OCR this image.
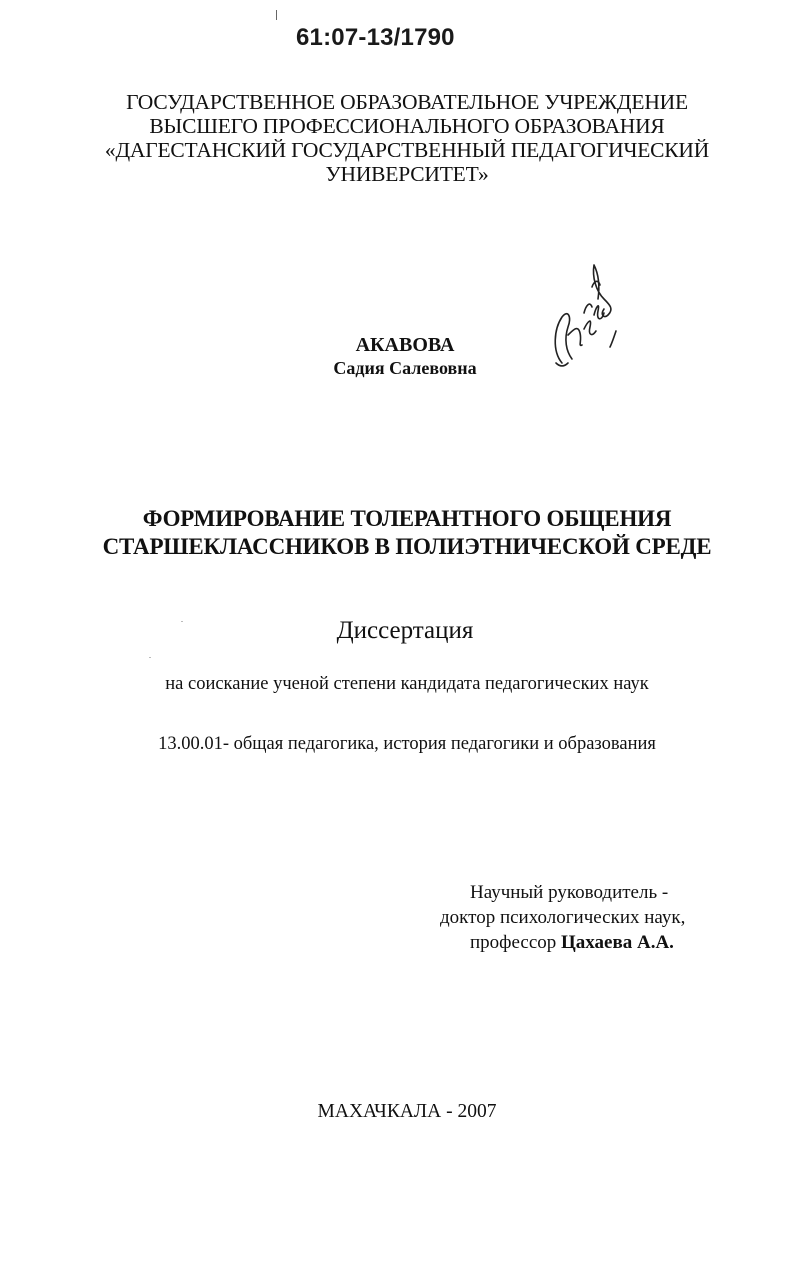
61:07-13/1790
ГОСУДАРСТВЕННОЕ ОБРАЗОВАТЕЛЬНОЕ УЧРЕЖДЕНИЕ
ВЫСШЕГО ПРОФЕССИОНАЛЬНОГО ОБРАЗОВАНИЯ
«ДАГЕСТАНСКИЙ ГОСУДАРСТВЕННЫЙ ПЕДАГОГИЧЕСКИЙ
УНИВЕРСИТЕТ»
АКАВОВА
Садия Салевовна
ФОРМИРОВАНИЕ ТОЛЕРАНТНОГО ОБЩЕНИЯ
СТАРШЕКЛАССНИКОВ В ПОЛИЭТНИЧЕСКОЙ СРЕДЕ
Диссертация
на соискание ученой степени кандидата педагогических наук
13.00.01- общая педагогика, история педагогики и образования
Научный руководитель -
доктор психологических наук,
профессор Цахаева А.А.
МАХАЧКАЛА - 2007
